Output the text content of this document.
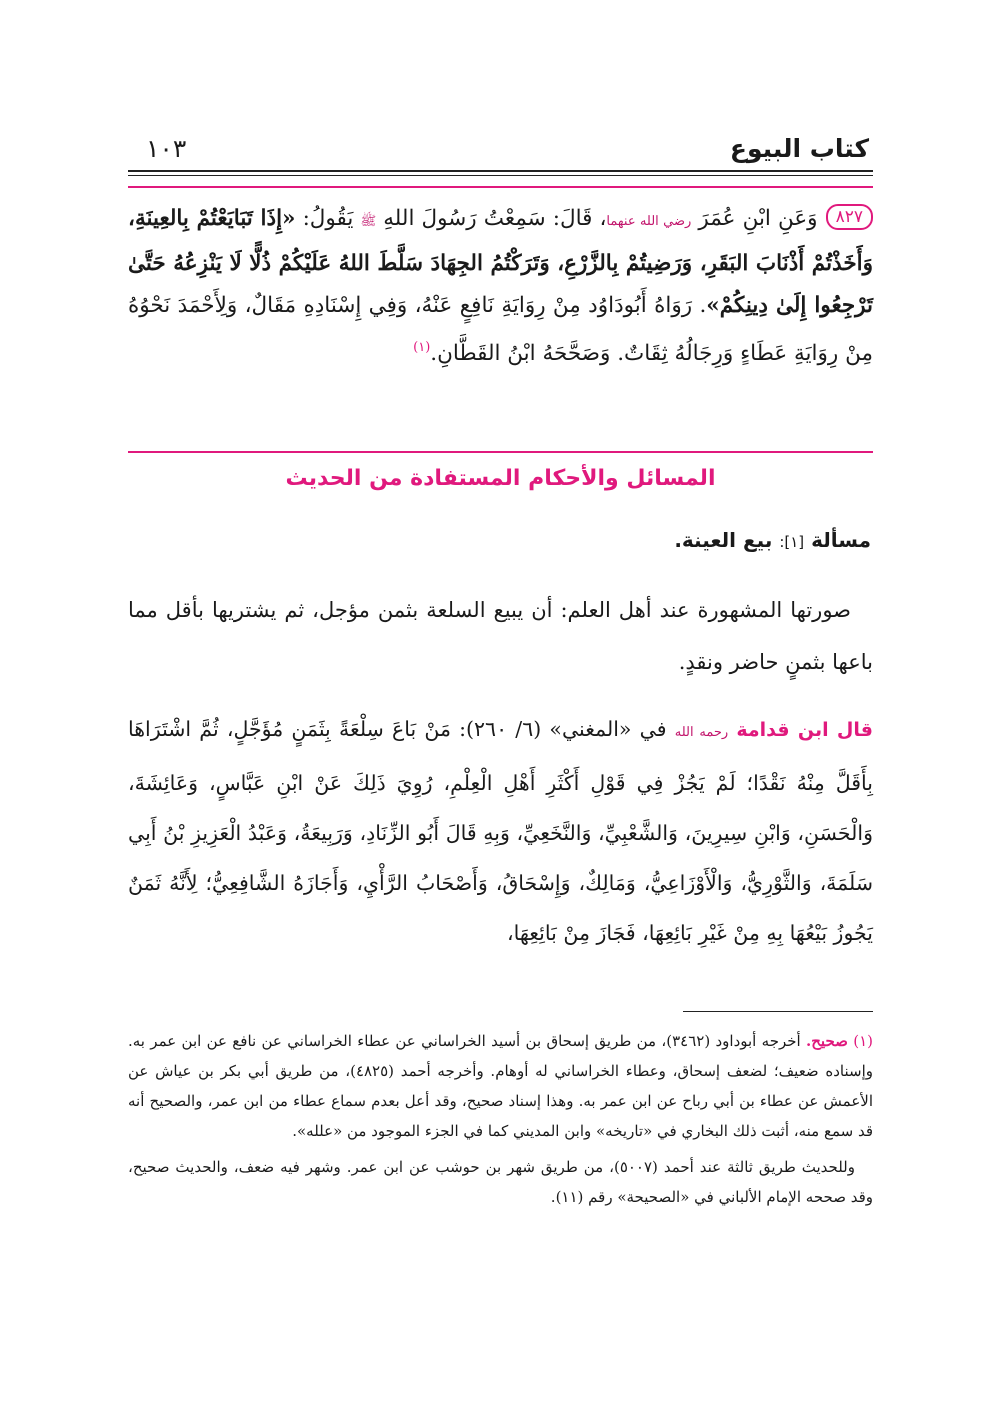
كتاب البيوع
١٠٣
٨٢٧وَعَنِ ابْنِ عُمَرَ رضي الله عنهما، قَالَ: سَمِعْتُ رَسُولَ اللهِ ﷺ يَقُولُ: «إِذَا تَبَايَعْتُمْ بِالعِينَةِ، وَأَخَذْتُمْ أَذْنَابَ البَقَرِ، وَرَضِيتُمْ بِالزَّرْعِ، وَتَرَكْتُمُ الجِهَادَ سَلَّطَ اللهُ عَلَيْكُمْ ذُلًّا لَا يَنْزِعُهُ حَتَّىٰ تَرْجِعُوا إِلَىٰ دِينِكُمْ». رَوَاهُ أَبُودَاوُد مِنْ رِوَايَةِ نَافِعٍ عَنْهُ، وَفِي إِسْنَادِهِ مَقَالٌ، وَلِأَحْمَدَ نَحْوُهُ مِنْ رِوَايَةِ عَطَاءٍ وَرِجَالُهُ ثِقَاتٌ. وَصَحَّحَهُ ابْنُ القَطَّانِ.$^{(١)}$
المسائل والأحكام المستفادة من الحديث
مسألة [١]: بيع العينة.

صورتها المشهورة عند أهل العلم: أن يبيع السلعة بثمن مؤجل، ثم يشتريها بأقل مما باعها بثمنٍ حاضر ونقدٍ.

قال ابن قدامة رحمه الله في «المغني» (٦/ ٢٦٠): مَنْ بَاعَ سِلْعَةً بِثَمَنٍ مُؤَجَّلٍ، ثُمَّ اشْتَرَاهَا بِأَقَلَّ مِنْهُ نَقْدًا؛ لَمْ يَجُزْ فِي قَوْلِ أَكْثَرِ أَهْلِ الْعِلْمِ، رُوِيَ ذَلِكَ عَنْ ابْنِ عَبَّاسٍ، وَعَائِشَةَ، وَالْحَسَنِ، وَابْنِ سِيرِينَ، وَالشَّعْبِيِّ، وَالنَّخَعِيِّ، وَبِهِ قَالَ أَبُو الزِّنَادِ، وَرَبِيعَةُ، وَعَبْدُ الْعَزِيزِ بْنُ أَبِي سَلَمَةَ، وَالثَّوْرِيُّ، وَالْأَوْزَاعِيُّ، وَمَالِكٌ، وَإِسْحَاقُ، وَأَصْحَابُ الرَّأْيِ، وَأَجَازَهُ الشَّافِعِيُّ؛ لِأَنَّهُ ثَمَنٌ يَجُوزُ بَيْعُهَا بِهِ مِنْ غَيْرِ بَائِعِهَا، فَجَازَ مِنْ بَائِعِهَا،

(١) صحيح. أخرجه أبوداود (٣٤٦٢)، من طريق إسحاق بن أسيد الخراساني عن عطاء الخراساني عن نافع عن ابن عمر به. وإسناده ضعيف؛ لضعف إسحاق، وعطاء الخراساني له أوهام. وأخرجه أحمد (٤٨٢٥)، من طريق أبي بكر بن عياش عن الأعمش عن عطاء بن أبي رباح عن ابن عمر به. وهذا إسناد صحيح، وقد أعل بعدم سماع عطاء من ابن عمر، والصحيح أنه قد سمع منه، أثبت ذلك البخاري في «تاريخه» وابن المديني كما في الجزء الموجود من «علله».

وللحديث طريق ثالثة عند أحمد (٥٠٠٧)، من طريق شهر بن حوشب عن ابن عمر. وشهر فيه ضعف، والحديث صحيح، وقد صححه الإمام الألباني في «الصحيحة» رقم (١١).
